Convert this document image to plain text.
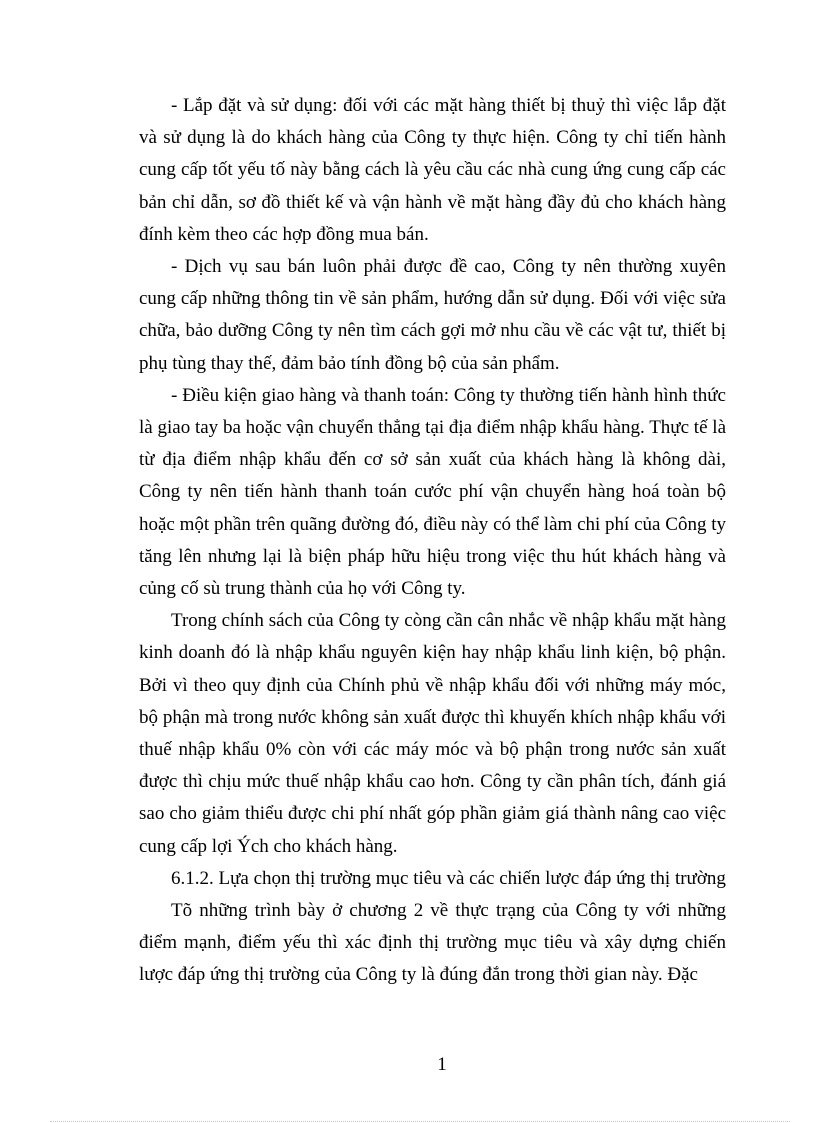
- Lắp đặt và sử dụng: đối với các mặt hàng thiết bị thuỷ thì việc lắp đặt và sử dụng là do khách hàng của Công ty thực hiện. Công ty chỉ tiến hành cung cấp tốt yếu tố này bằng cách là yêu cầu các nhà cung ứng cung cấp các bản chỉ dẫn, sơ đồ thiết kế và vận hành về mặt hàng đầy đủ cho khách hàng đính kèm theo các hợp đồng mua bán.

- Dịch vụ sau bán luôn phải được đề cao, Công ty nên thường xuyên cung cấp những thông tin về sản phẩm, hướng dẫn sử dụng. Đối với việc sửa chữa, bảo dưỡng Công ty nên tìm cách gợi mở nhu cầu về các vật tư, thiết bị phụ tùng thay thế, đảm bảo tính đồng bộ của sản phẩm.

- Điều kiện giao hàng và thanh toán: Công ty thường tiến hành hình thức là giao tay ba hoặc vận chuyển thẳng tại địa điểm nhập khẩu hàng. Thực tế là từ địa điểm nhập khẩu đến cơ sở sản xuất của khách hàng là không dài, Công ty nên tiến hành thanh toán cước phí vận chuyển hàng hoá toàn bộ hoặc một phần trên quãng đường đó, điều này có thể làm chi phí của Công ty tăng lên nhưng lại là biện pháp hữu hiệu trong việc thu hút khách hàng và củng cố sù trung thành của họ với Công ty.

Trong chính sách của Công ty còng cần cân nhắc về nhập khẩu mặt hàng kinh doanh đó là nhập khẩu nguyên kiện hay nhập khẩu linh kiện, bộ phận. Bởi vì theo quy định của Chính phủ về nhập khẩu đối với những máy móc, bộ phận mà trong nước không sản xuất được thì khuyến khích nhập khẩu với thuế nhập khẩu 0% còn với các máy móc và bộ phận trong nước sản xuất được thì chịu mức thuế nhập khẩu cao hơn. Công ty cần phân tích, đánh giá sao cho giảm thiểu được chi phí nhất góp phần giảm giá thành nâng cao việc cung cấp lợi Ých cho khách hàng.

6.1.2. Lựa chọn thị trường mục tiêu và các chiến lược đáp ứng thị trường

Tõ những trình bày ở chương 2 về thực trạng của Công ty với những điểm mạnh, điểm yếu thì xác định thị trường mục tiêu và xây dựng chiến lược đáp ứng thị trường của Công ty là đúng đắn trong thời gian này. Đặc

1
